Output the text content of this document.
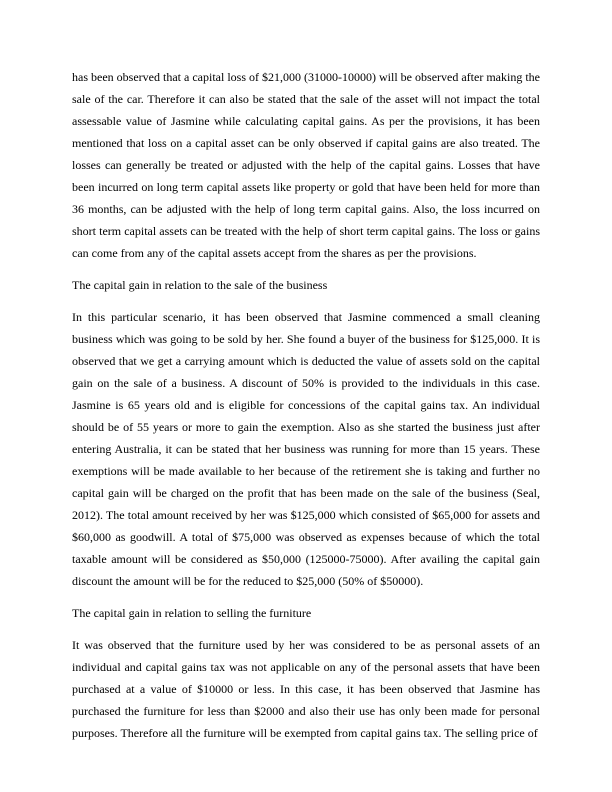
has been observed that a capital loss of $21,000 (31000-10000) will be observed after making the sale of the car. Therefore it can also be stated that the sale of the asset will not impact the total assessable value of Jasmine while calculating capital gains. As per the provisions, it has been mentioned that loss on a capital asset can be only observed if capital gains are also treated. The losses can generally be treated or adjusted with the help of the capital gains. Losses that have been incurred on long term capital assets like property or gold that have been held for more than 36 months, can be adjusted with the help of long term capital gains. Also, the loss incurred on short term capital assets can be treated with the help of short term capital gains. The loss or gains can come from any of the capital assets accept from the shares as per the provisions.

The capital gain in relation to the sale of the business

In this particular scenario, it has been observed that Jasmine commenced a small cleaning business which was going to be sold by her. She found a buyer of the business for $125,000. It is observed that we get a carrying amount which is deducted the value of assets sold on the capital gain on the sale of a business. A discount of 50% is provided to the individuals in this case. Jasmine is 65 years old and is eligible for concessions of the capital gains tax. An individual should be of 55 years or more to gain the exemption. Also as she started the business just after entering Australia, it can be stated that her business was running for more than 15 years. These exemptions will be made available to her because of the retirement she is taking and further no capital gain will be charged on the profit that has been made on the sale of the business (Seal, 2012). The total amount received by her was $125,000 which consisted of $65,000 for assets and $60,000 as goodwill. A total of $75,000 was observed as expenses because of which the total taxable amount will be considered as $50,000 (125000-75000). After availing the capital gain discount the amount will be for the reduced to $25,000 (50% of $50000).

The capital gain in relation to selling the furniture

It was observed that the furniture used by her was considered to be as personal assets of an individual and capital gains tax was not applicable on any of the personal assets that have been purchased at a value of $10000 or less. In this case, it has been observed that Jasmine has purchased the furniture for less than $2000 and also their use has only been made for personal purposes. Therefore all the furniture will be exempted from capital gains tax. The selling price of
